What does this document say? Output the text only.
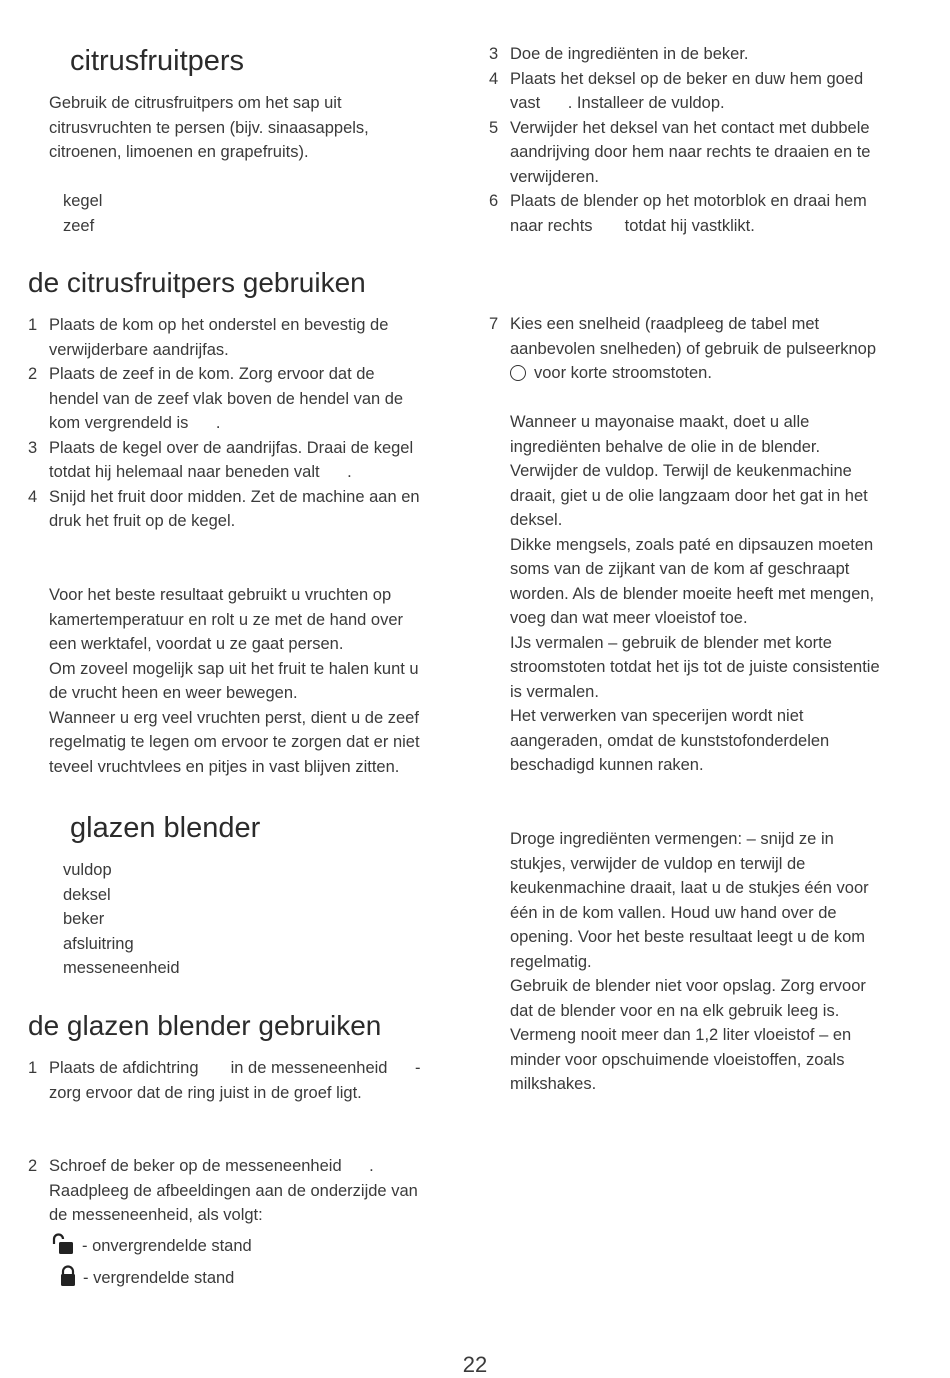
citrusfruitpers

Gebruik de citrusfruitpers om het sap uit

citrusvruchten te persen (bijv. sinaasappels,

citroenen, limoenen en grapefruits).

kegel
zeef
de citrusfruitpers gebruiken
1 Plaats de kom op het onderstel en bevestig de
verwijderbare aandrijfas.
2 Plaats de zeef in de kom. Zorg ervoor dat de
hendel van de zeef vlak boven de hendel van de
kom vergrendeld is      .
3 Plaats de kegel over de aandrijfas. Draai de kegel
totdat hij helemaal naar beneden valt      .
4 Snijd het fruit door midden. Zet de machine aan en
druk het fruit op de kegel.

Voor het beste resultaat gebruikt u vruchten op

kamertemperatuur en rolt u ze met de hand over

een werktafel, voordat u ze gaat persen.

Om zoveel mogelijk sap uit het fruit te halen kunt u

de vrucht heen en weer bewegen.

Wanneer u erg veel vruchten perst, dient u de zeef

regelmatig te legen om ervoor te zorgen dat er niet

teveel vruchtvlees en pitjes in vast blijven zitten.

glazen blender
vuldop
deksel
beker
afsluitring
messeneenheid
de glazen blender gebruiken
1 Plaats de afdichtring       in de messeneenheid      -
zorg ervoor dat de ring juist in de groef ligt.
2 Schroef de beker op de messeneenheid      .
Raadpleeg de afbeeldingen aan de onderzijde van
de messeneenheid, als volgt:
- onvergrendelde stand
- vergrendelde stand
3 Doe de ingrediënten in de beker.
4 Plaats het deksel op de beker en duw hem goed
vast      . Installeer de vuldop.
5 Verwijder het deksel van het contact met dubbele
aandrijving door hem naar rechts te draaien en te
verwijderen.
6 Plaats de blender op het motorblok en draai hem
naar rechts       totdat hij vastklikt.
7 Kies een snelheid (raadpleeg de tabel met
aanbevolen snelheden) of gebruik de pulseerknop
voor korte stroomstoten.

Wanneer u mayonaise maakt, doet u alle

ingrediënten behalve de olie in de blender.

Verwijder de vuldop. Terwijl de keukenmachine

draait, giet u de olie langzaam door het gat in het

deksel.

Dikke mengsels, zoals paté en dipsauzen moeten

soms van de zijkant van de kom af geschraapt

worden. Als de blender moeite heeft met mengen,

voeg dan wat meer vloeistof toe.

IJs vermalen – gebruik de blender met korte

stroomstoten totdat het ijs tot de juiste consistentie

is vermalen.

Het verwerken van specerijen wordt niet

aangeraden, omdat de kunststofonderdelen

beschadigd kunnen raken.

Droge ingrediënten vermengen: – snijd ze in

stukjes, verwijder de vuldop en terwijl de

keukenmachine draait, laat u de stukjes één voor

één in de kom vallen. Houd uw hand over de

opening. Voor het beste resultaat leegt u de kom

regelmatig.

Gebruik de blender niet voor opslag. Zorg ervoor

dat de blender voor en na elk gebruik leeg is.

Vermeng nooit meer dan 1,2 liter vloeistof – en

minder voor opschuimende vloeistoffen, zoals

milkshakes.

22
